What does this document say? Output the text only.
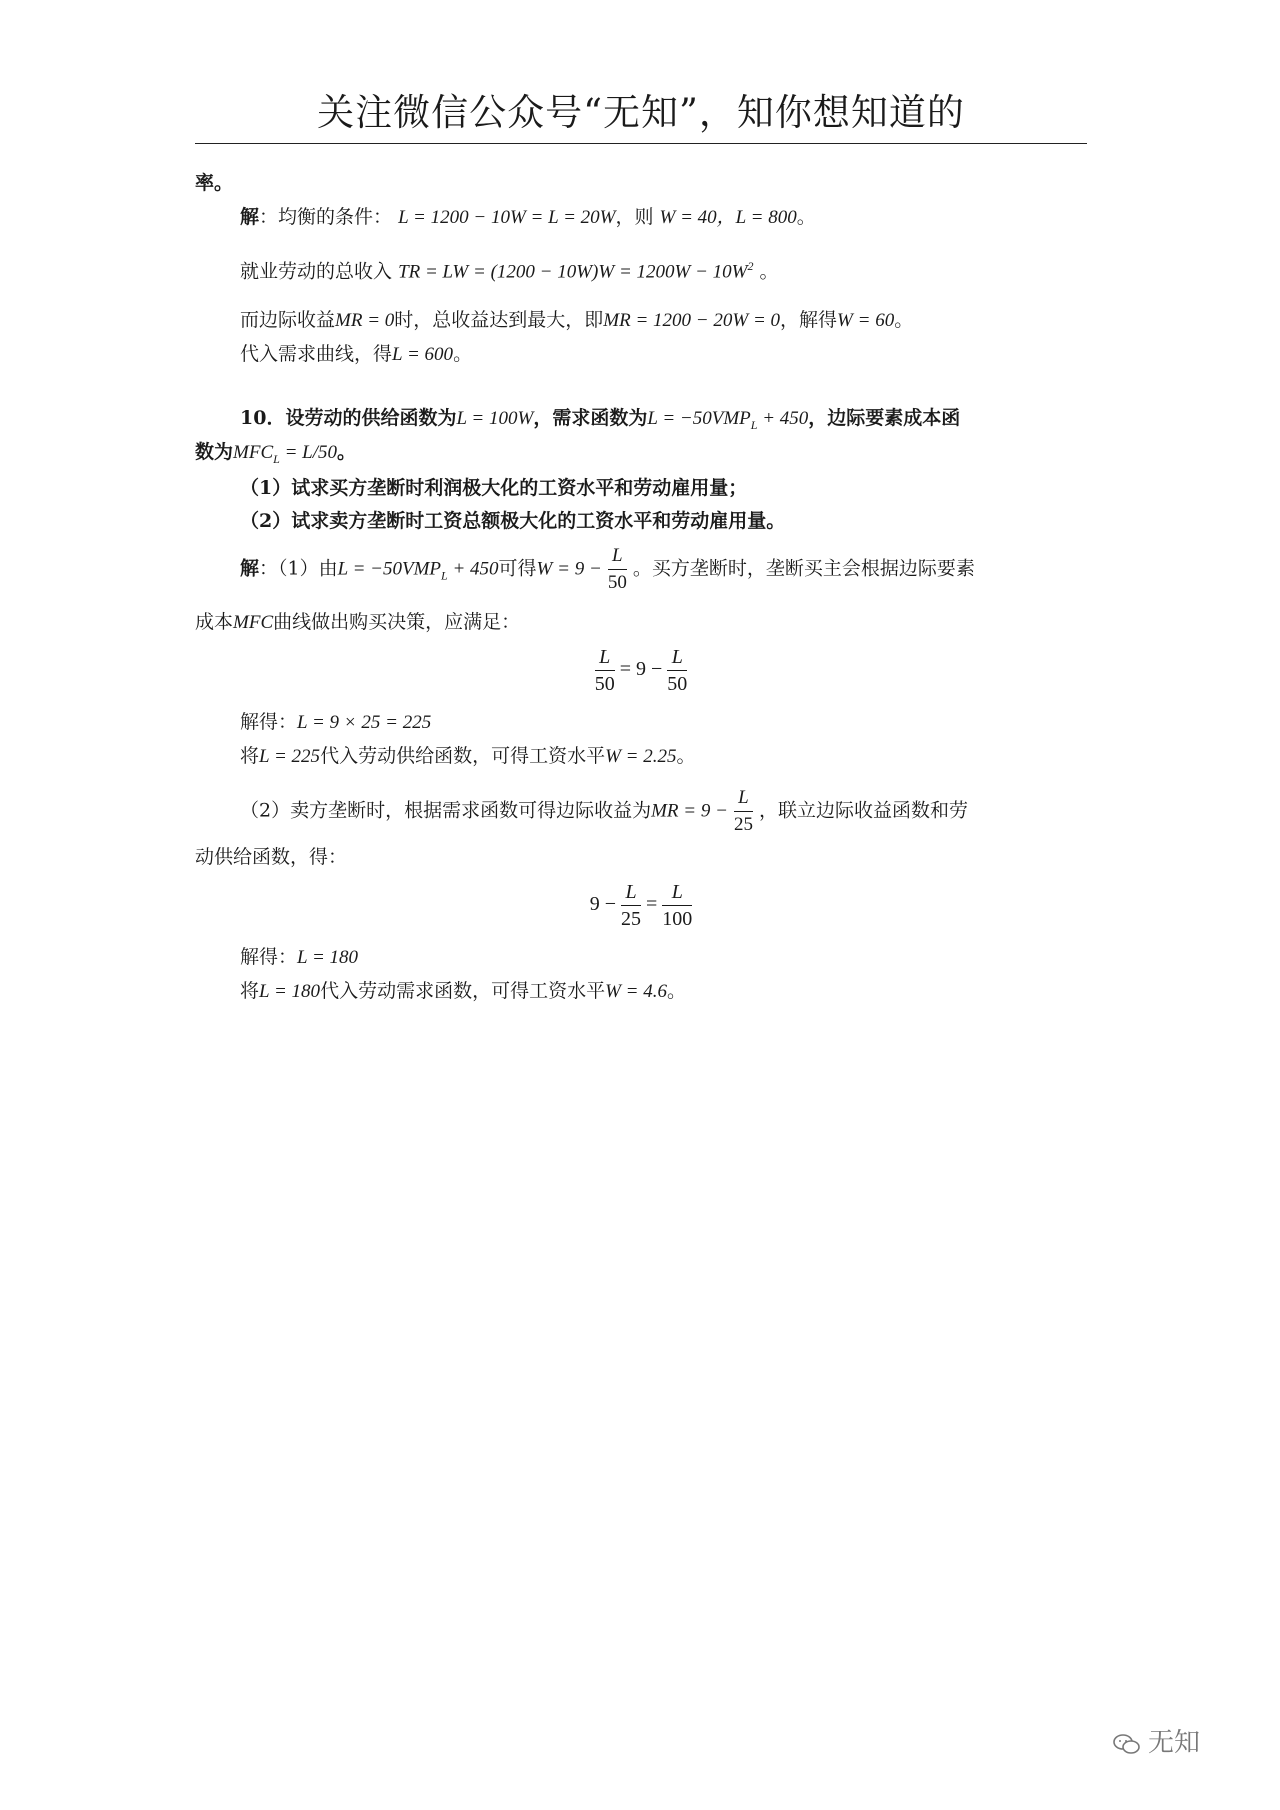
关注微信公众号“无知”，知你想知道的
率。
解：均衡的条件： L = 1200 − 10W = L = 20W，则 W = 40，L = 800。
就业劳动的总收入 TR = LW = $(1200 - 10W)W = 1200W - 10W^2$ 。
而边际收益MR = 0时，总收益达到最大，即MR = 1200 − 20W = 0，解得W = 60。
代入需求曲线，得L = 600。
10．设劳动的供给函数为L = 100W，需求函数为$L = -50VMP_L + 450$，边际要素成本函
数为$MFC_L = L/50$。
（1）试求买方垄断时利润极大化的工资水平和劳动雇用量；
（2）试求卖方垄断时工资总额极大化的工资水平和劳动雇用量。
解：（1）由$L = -50VMP_L + 450$可得$W = 9 - \frac{L}{50}$ 。买方垄断时，垄断买主会根据边际要素
成本MFC曲线做出购买决策，应满足：
$\frac{L}{50} = 9 - \frac{L}{50}$
解得：L = 9 × 25 = 225
将L = 225代入劳动供给函数，可得工资水平W = 2.25。
（2）卖方垄断时，根据需求函数可得边际收益为MR = $9 - \frac{L}{25}$ ，联立边际收益函数和劳
动供给函数，得：
$9 - \frac{L}{25} = \frac{L}{100}$
解得：L = 180
将L = 180代入劳动需求函数，可得工资水平W = 4.6。
无知
